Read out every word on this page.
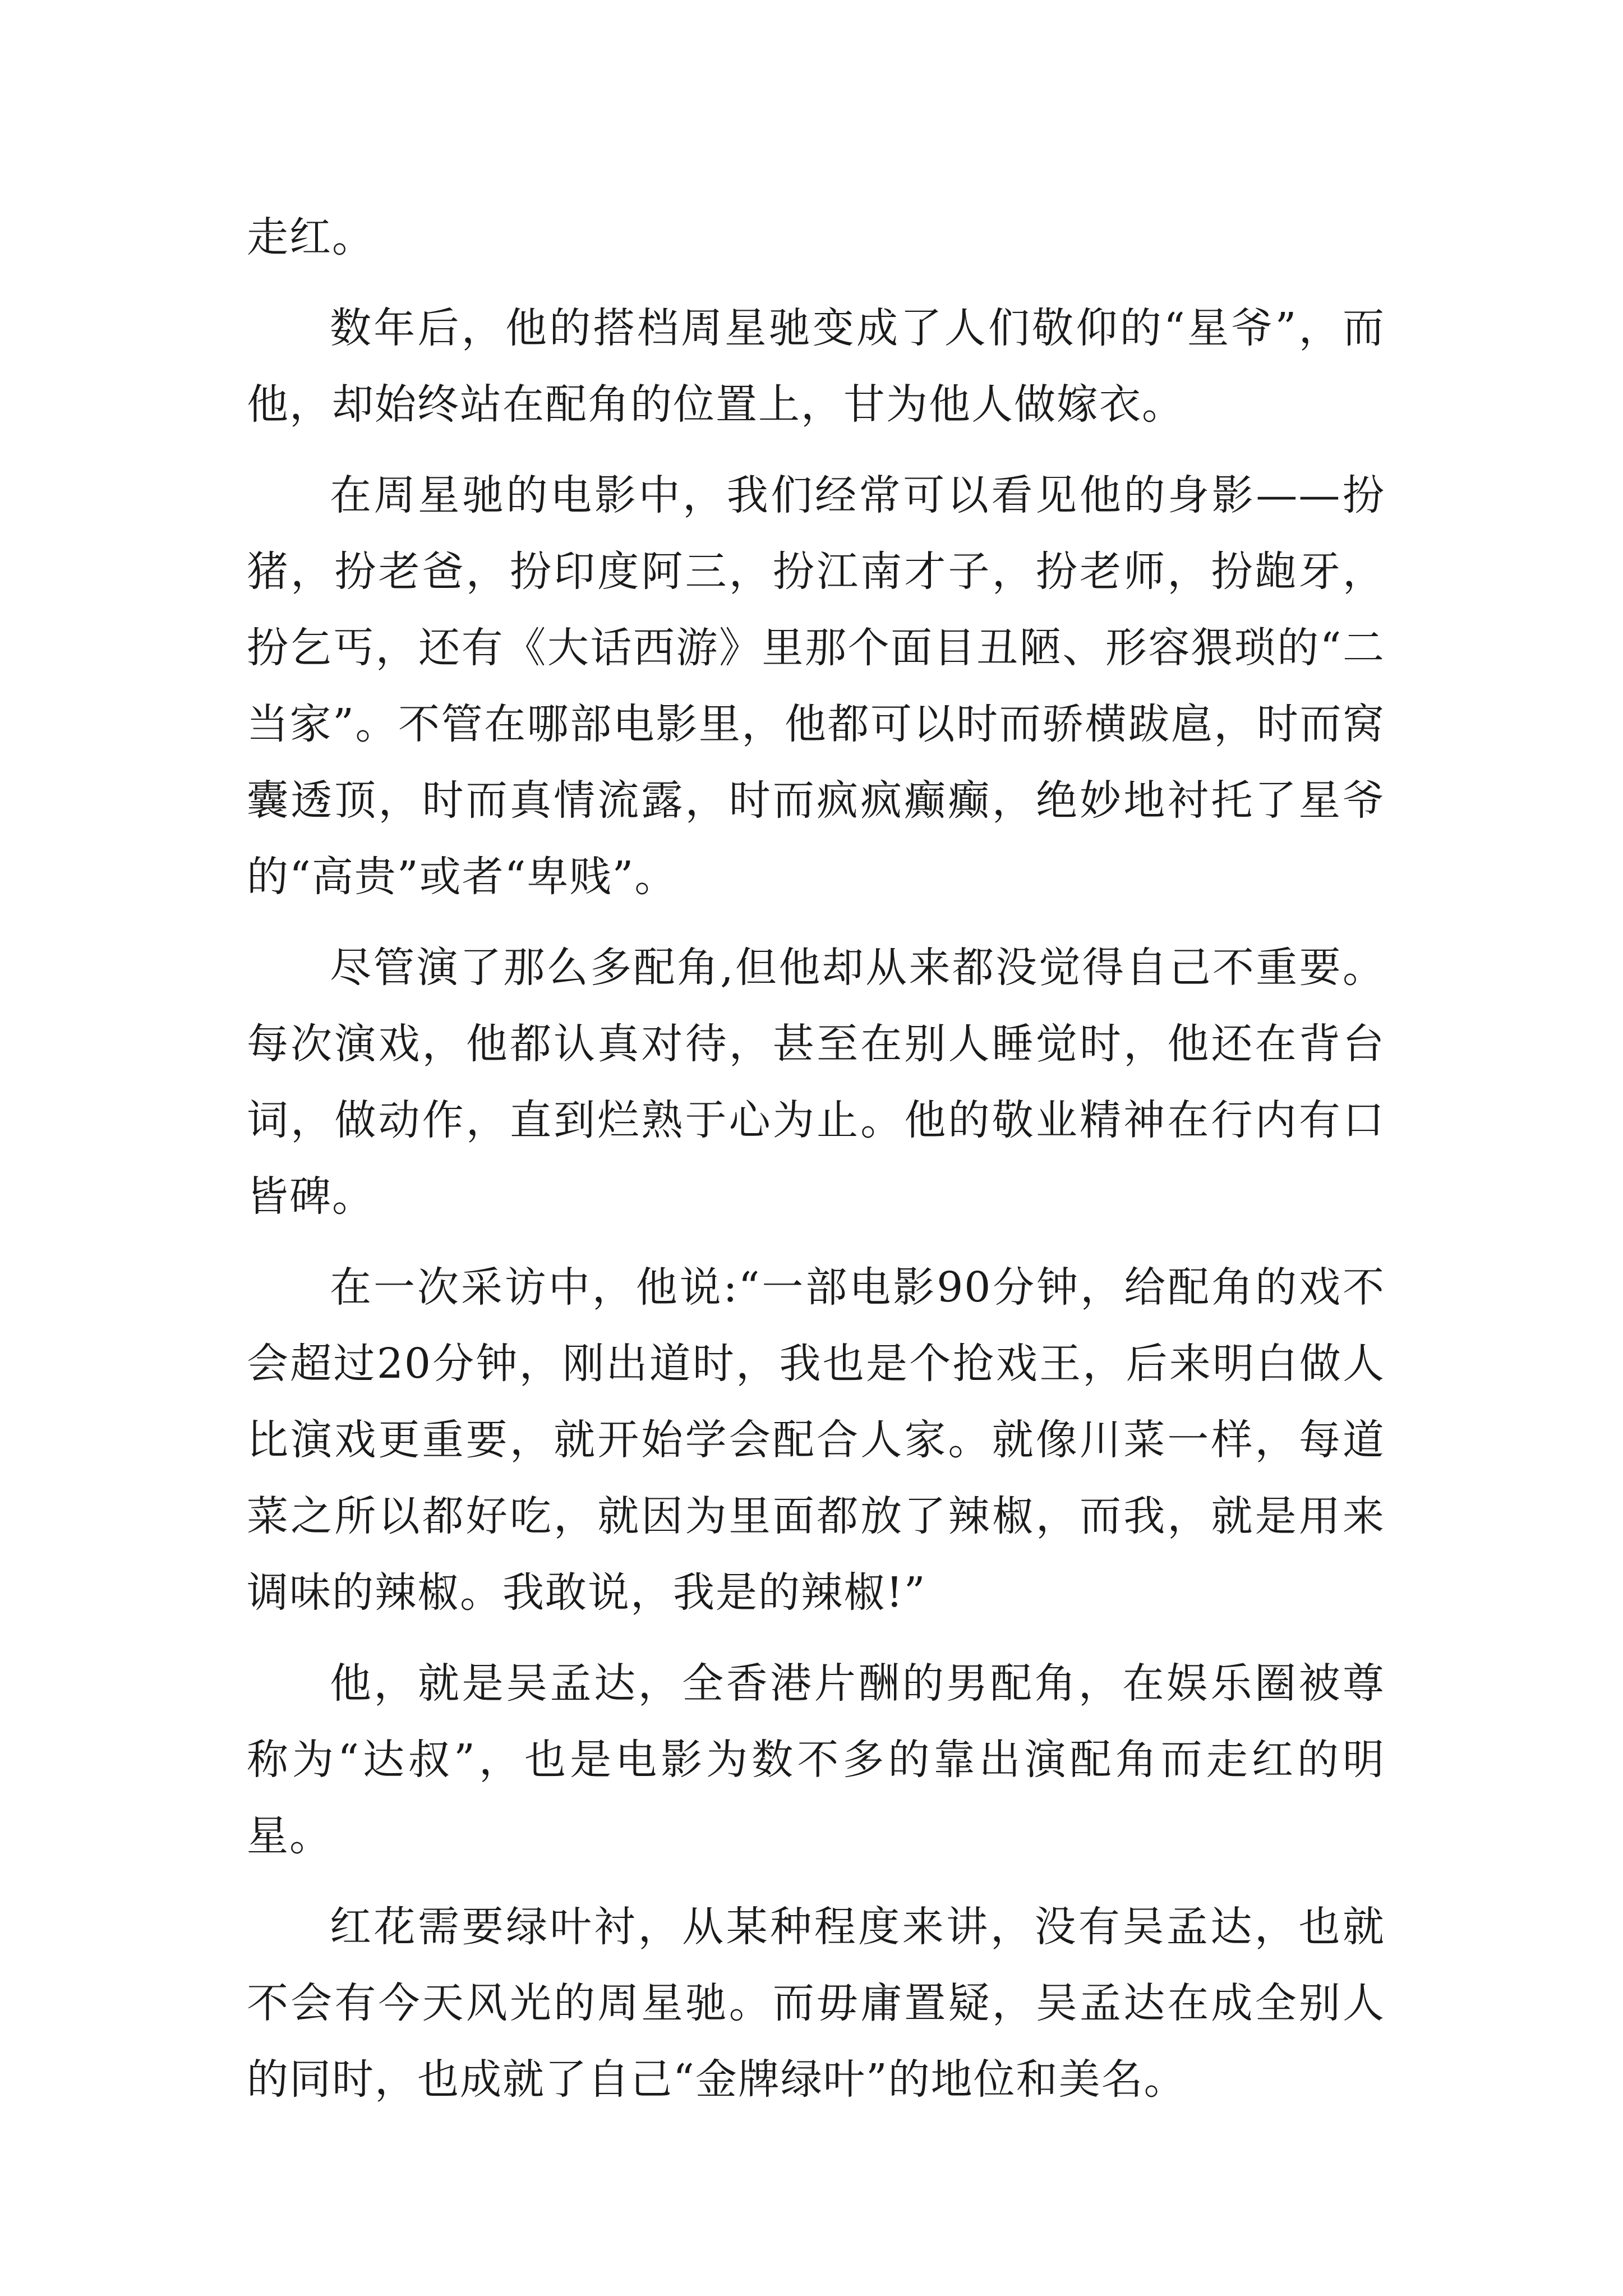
走红。

数年后，他的搭档周星驰变成了人们敬仰的“星爷”，而他，却始终站在配角的位置上，甘为他人做嫁衣。

在周星驰的电影中，我们经常可以看见他的身影——扮猪，扮老爸，扮印度阿三，扮江南才子，扮老师，扮龅牙，扮乞丐，还有《大话西游》里那个面目丑陋、形容猥琐的“二当家”。不管在哪部电影里，他都可以时而骄横跋扈，时而窝囊透顶，时而真情流露，时而疯疯癫癫，绝妙地衬托了星爷的“高贵”或者“卑贱”。

尽管演了那么多配角,但他却从来都没觉得自己不重要。每次演戏，他都认真对待，甚至在别人睡觉时，他还在背台词，做动作，直到烂熟于心为止。他的敬业精神在行内有口皆碑。

在一次采访中，他说:“一部电影90分钟，给配角的戏不会超过20分钟，刚出道时，我也是个抢戏王，后来明白做人比演戏更重要，就开始学会配合人家。就像川菜一样，每道菜之所以都好吃，就因为里面都放了辣椒，而我，就是用来调味的辣椒。我敢说，我是的辣椒!”

他，就是吴孟达，全香港片酬的男配角，在娱乐圈被尊称为“达叔”，也是电影为数不多的靠出演配角而走红的明星。

红花需要绿叶衬，从某种程度来讲，没有吴孟达，也就不会有今天风光的周星驰。而毋庸置疑，吴孟达在成全别人的同时，也成就了自己“金牌绿叶”的地位和美名。
